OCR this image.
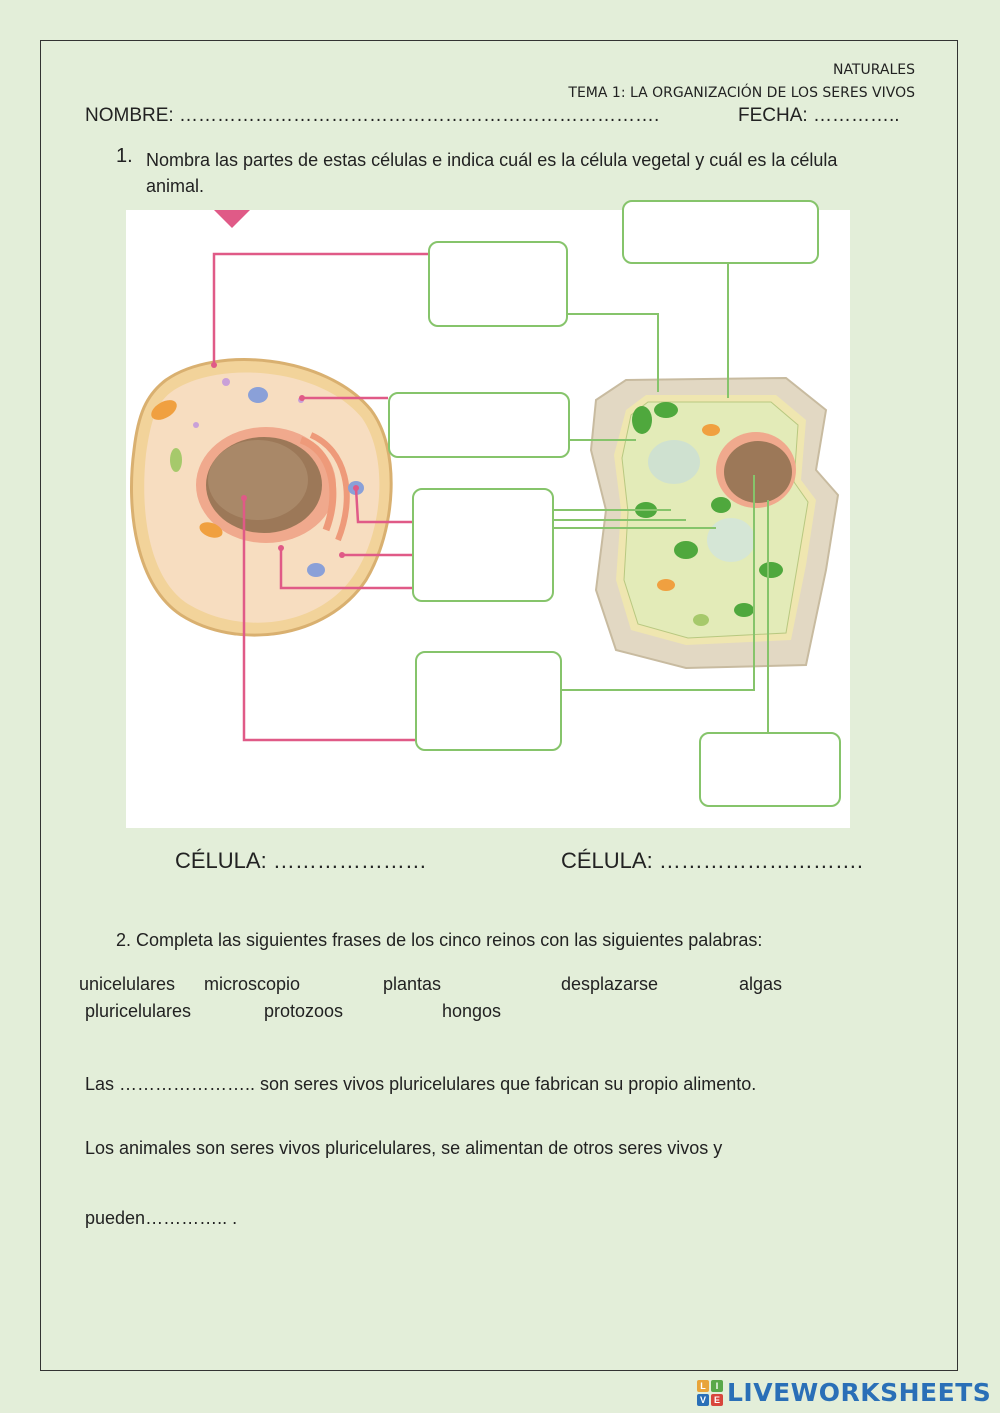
NATURALES
TEMA 1: LA ORGANIZACIÓN DE LOS SERES VIVOS
NOMBRE: ………………………………………………………………….	FECHA: …………..
1. Nombra las partes de estas células e indica cuál es la célula vegetal y cuál es la célula animal.
CÉLULA: …………………	CÉLULA: ……………………….
2. Completa las siguientes frases de los cinco reinos con las siguientes palabras:
unicelulares microscopio	plantas	desplazarse	algas
pluricelulares	protozoos	hongos
Las ………………….. son seres vivos pluricelulares que fabrican su propio alimento.
Los animales son seres vivos pluricelulares, se alimentan de otros seres vivos y
pueden………….. .
L	I
V E LIVEWORKSHEETS
